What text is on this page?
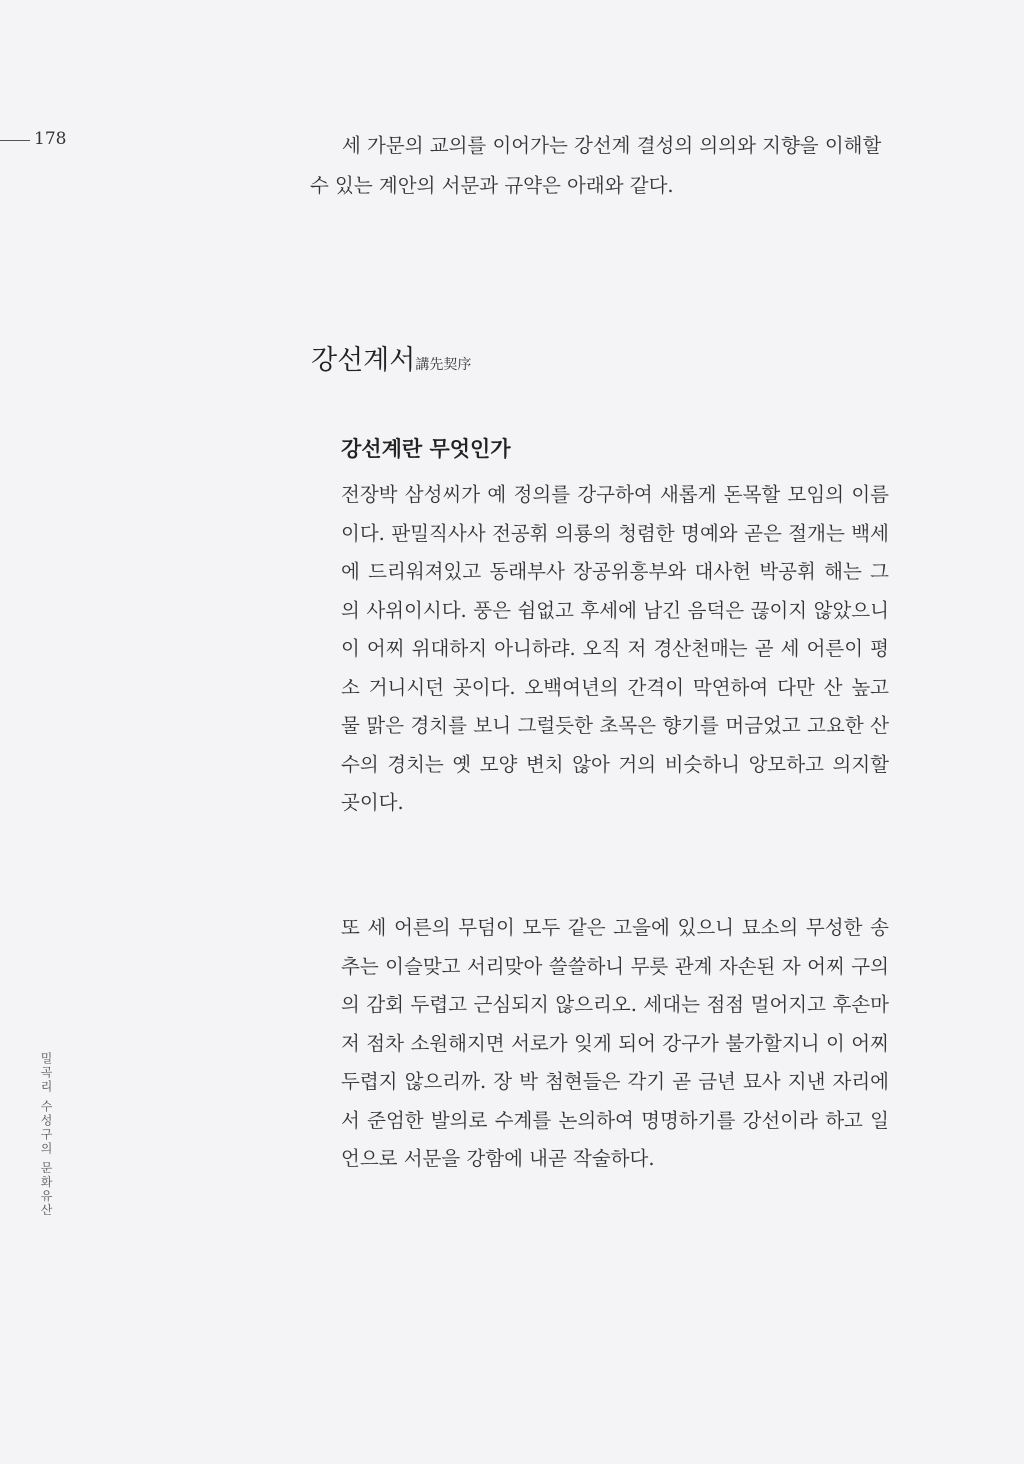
178	세 가문의 교의를 이어가는 강선계 결성의 의의와 지향을 이해할 수 있는 계안의 서문과 규약은 아래와 같다.

강선계서講先契序
강선계란 무엇인가

전장박 삼성씨가 예 정의를 강구하여 새롭게 돈목할 모임의 이름이다. 판밀직사사 전공휘 의룡의 청렴한 명예와 곧은 절개는 백세에 드리워져있고 동래부사 장공위흥부와 대사헌 박공휘 해는 그의 사위이시다. 풍은 쉼없고 후세에 남긴 음덕은 끊이지 않았으니 이 어찌 위대하지 아니하랴. 오직 저 경산천매는 곧 세 어른이 평소 거니시던 곳이다. 오백여년의 간격이 막연하여 다만 산 높고 물 맑은 경치를 보니 그럴듯한 초목은 향기를 머금었고 고요한 산수의 경치는 옛 모양 변치 않아 거의 비슷하니 앙모하고 의지할 곳이다.

또 세 어른의 무덤이 모두 같은 고을에 있으니 묘소의 무성한 송추는 이슬맞고 서리맞아 쓸쓸하니 무릇 관계 자손된 자 어찌 구의의 감회 두렵고 근심되지 않으리오. 세대는 점점 멀어지고 후손마저 점차 소원해지면 서로가 잊게 되어 강구가 불가할지니 이 어찌 두렵지 않으리까. 장 박 첨현들은 각기 곧 금년 묘사 지낸 자리에서 준엄한 발의로 수계를 논의하여 명명하기를 강선이라 하고 일언으로 서문을 강함에 내곧 작술하다.

밀곡리 수성구의 문화유산
